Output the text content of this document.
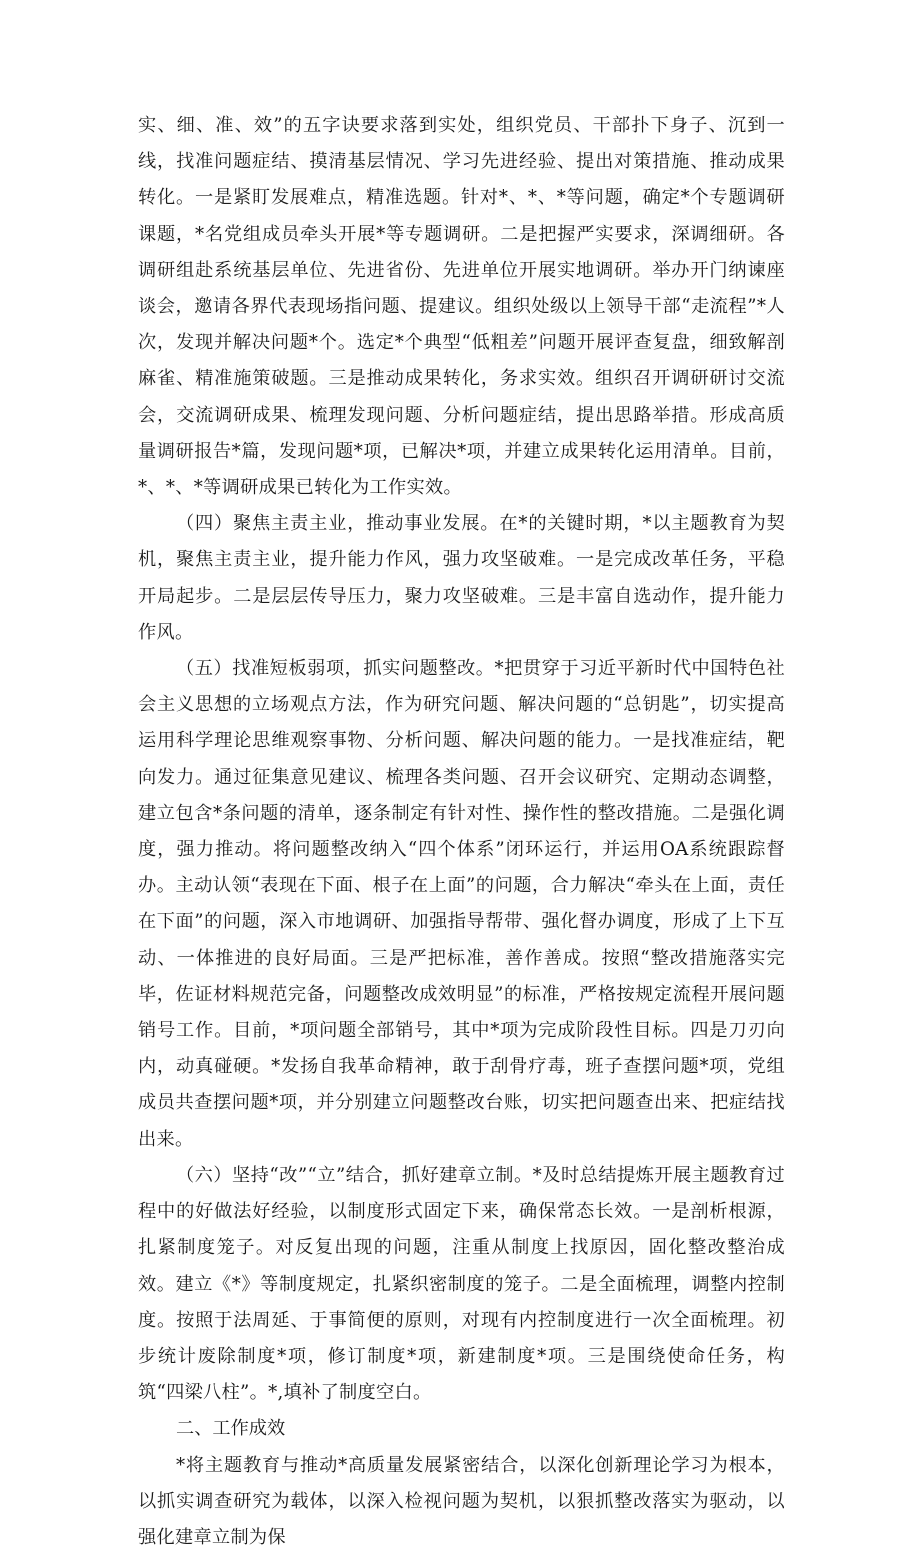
实、细、准、效”的五字诀要求落到实处，组织党员、干部扑下身子、沉到一线，找准问题症结、摸清基层情况、学习先进经验、提出对策措施、推动成果转化。一是紧盯发展难点，精准选题。针对*、*、*等问题，确定*个专题调研课题，*名党组成员牵头开展*等专题调研。二是把握严实要求，深调细研。各调研组赴系统基层单位、先进省份、先进单位开展实地调研。举办开门纳谏座谈会，邀请各界代表现场指问题、提建议。组织处级以上领导干部“走流程”*人次，发现并解决问题*个。选定*个典型“低粗差”问题开展评查复盘，细致解剖麻雀、精准施策破题。三是推动成果转化，务求实效。组织召开调研研讨交流会，交流调研成果、梳理发现问题、分析问题症结，提出思路举措。形成高质量调研报告*篇，发现问题*项，已解决*项，并建立成果转化运用清单。目前，*、*、*等调研成果已转化为工作实效。

（四）聚焦主责主业，推动事业发展。在*的关键时期，*以主题教育为契机，聚焦主责主业，提升能力作风，强力攻坚破难。一是完成改革任务，平稳开局起步。二是层层传导压力，聚力攻坚破难。三是丰富自选动作，提升能力作风。

（五）找准短板弱项，抓实问题整改。*把贯穿于习近平新时代中国特色社会主义思想的立场观点方法，作为研究问题、解决问题的“总钥匙”，切实提高运用科学理论思维观察事物、分析问题、解决问题的能力。一是找准症结，靶向发力。通过征集意见建议、梳理各类问题、召开会议研究、定期动态调整，建立包含*条问题的清单，逐条制定有针对性、操作性的整改措施。二是强化调度，强力推动。将问题整改纳入“四个体系”闭环运行，并运用OA系统跟踪督办。主动认领“表现在下面、根子在上面”的问题，合力解决“牵头在上面，责任在下面”的问题，深入市地调研、加强指导帮带、强化督办调度，形成了上下互动、一体推进的良好局面。三是严把标准，善作善成。按照“整改措施落实完毕，佐证材料规范完备，问题整改成效明显”的标准，严格按规定流程开展问题销号工作。目前，*项问题全部销号，其中*项为完成阶段性目标。四是刀刃向内，动真碰硬。*发扬自我革命精神，敢于刮骨疗毒，班子查摆问题*项，党组成员共查摆问题*项，并分别建立问题整改台账，切实把问题查出来、把症结找出来。

（六）坚持“改”“立”结合，抓好建章立制。*及时总结提炼开展主题教育过程中的好做法好经验，以制度形式固定下来，确保常态长效。一是剖析根源，扎紧制度笼子。对反复出现的问题，注重从制度上找原因，固化整改整治成效。建立《*》等制度规定，扎紧织密制度的笼子。二是全面梳理，调整内控制度。按照于法周延、于事简便的原则，对现有内控制度进行一次全面梳理。初步统计废除制度*项，修订制度*项，新建制度*项。三是围绕使命任务，构筑“四梁八柱”。*,填补了制度空白。

二、工作成效

*将主题教育与推动*高质量发展紧密结合，以深化创新理论学习为根本，以抓实调查研究为载体，以深入检视问题为契机，以狠抓整改落实为驱动，以强化建章立制为保
